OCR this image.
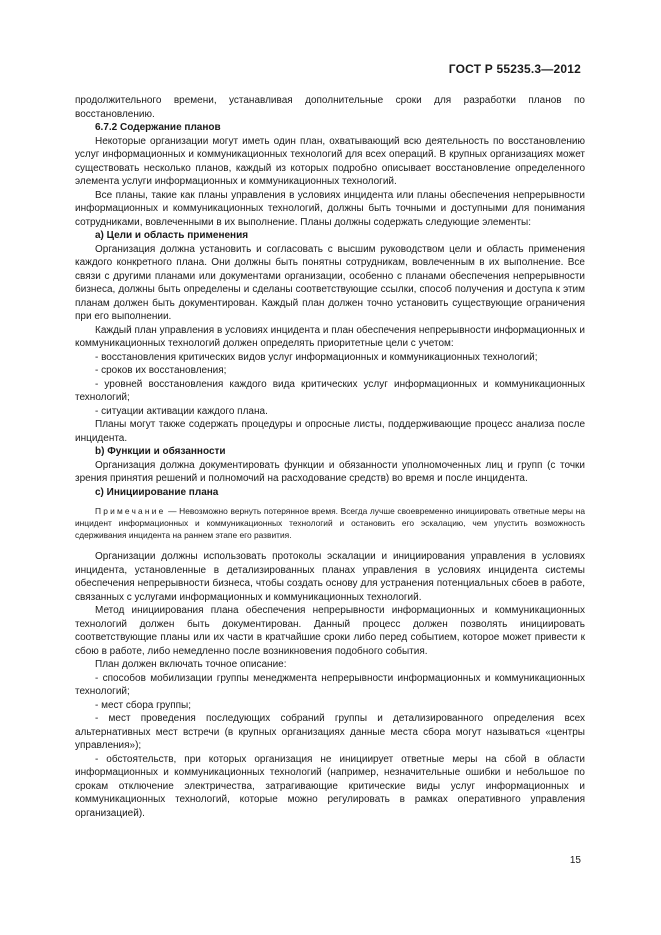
ГОСТ Р 55235.3—2012

продолжительного времени, устанавливая дополнительные сроки для разработки планов по восстановлению.

6.7.2 Содержание планов

Некоторые организации могут иметь один план, охватывающий всю деятельность по восстановлению услуг информационных и коммуникационных технологий для всех операций. В крупных организациях может существовать несколько планов, каждый из которых подробно описывает восстановление определенного элемента услуги информационных и коммуникационных технологий.

Все планы, такие как планы управления в условиях инцидента или планы обеспечения непрерывности информационных и коммуникационных технологий, должны быть точными и доступными для понимания сотрудниками, вовлеченными в их выполнение. Планы должны содержать следующие элементы:

а) Цели и область применения

Организация должна установить и согласовать с высшим руководством цели и область применения каждого конкретного плана. Они должны быть понятны сотрудникам, вовлеченным в их выполнение. Все связи с другими планами или документами организации, особенно с планами обеспечения непрерывности бизнеса, должны быть определены и сделаны соответствующие ссылки, способ получения и доступа к этим планам должен быть документирован. Каждый план должен точно установить существующие ограничения при его выполнении.

Каждый план управления в условиях инцидента и план обеспечения непрерывности информационных и коммуникационных технологий должен определять приоритетные цели с учетом:

- восстановления критических видов услуг информационных и коммуникационных технологий;

- сроков их восстановления;

- уровней восстановления каждого вида критических услуг информационных и коммуникационных технологий;

- ситуации активации каждого плана.

Планы могут также содержать процедуры и опросные листы, поддерживающие процесс анализа после инцидента.

b) Функции и обязанности

Организация должна документировать функции и обязанности уполномоченных лиц и групп (с точки зрения принятия решений и полномочий на расходование средств) во время и после инцидента.

c) Инициирование плана

Примечание — Невозможно вернуть потерянное время. Всегда лучше своевременно инициировать ответные меры на инцидент информационных и коммуникационных технологий и остановить его эскалацию, чем упустить возможность сдерживания инцидента на раннем этапе его развития.

Организации должны использовать протоколы эскалации и инициирования управления в условиях инцидента, установленные в детализированных планах управления в условиях инцидента системы обеспечения непрерывности бизнеса, чтобы создать основу для устранения потенциальных сбоев в работе, связанных с услугами информационных и коммуникационных технологий.

Метод инициирования плана обеспечения непрерывности информационных и коммуникационных технологий должен быть документирован. Данный процесс должен позволять инициировать соответствующие планы или их части в кратчайшие сроки либо перед событием, которое может привести к сбою в работе, либо немедленно после возникновения подобного события.

План должен включать точное описание:

- способов мобилизации группы менеджмента непрерывности информационных и коммуникационных технологий;

- мест сбора группы;

- мест проведения последующих собраний группы и детализированного определения всех альтернативных мест встречи (в крупных организациях данные места сбора могут называться «центры управления»);

- обстоятельств, при которых организация не инициирует ответные меры на сбой в области информационных и коммуникационных технологий (например, незначительные ошибки и небольшое по срокам отключение электричества, затрагивающие критические виды услуг информационных и коммуникационных технологий, которые можно регулировать в рамках оперативного управления организацией).

15
